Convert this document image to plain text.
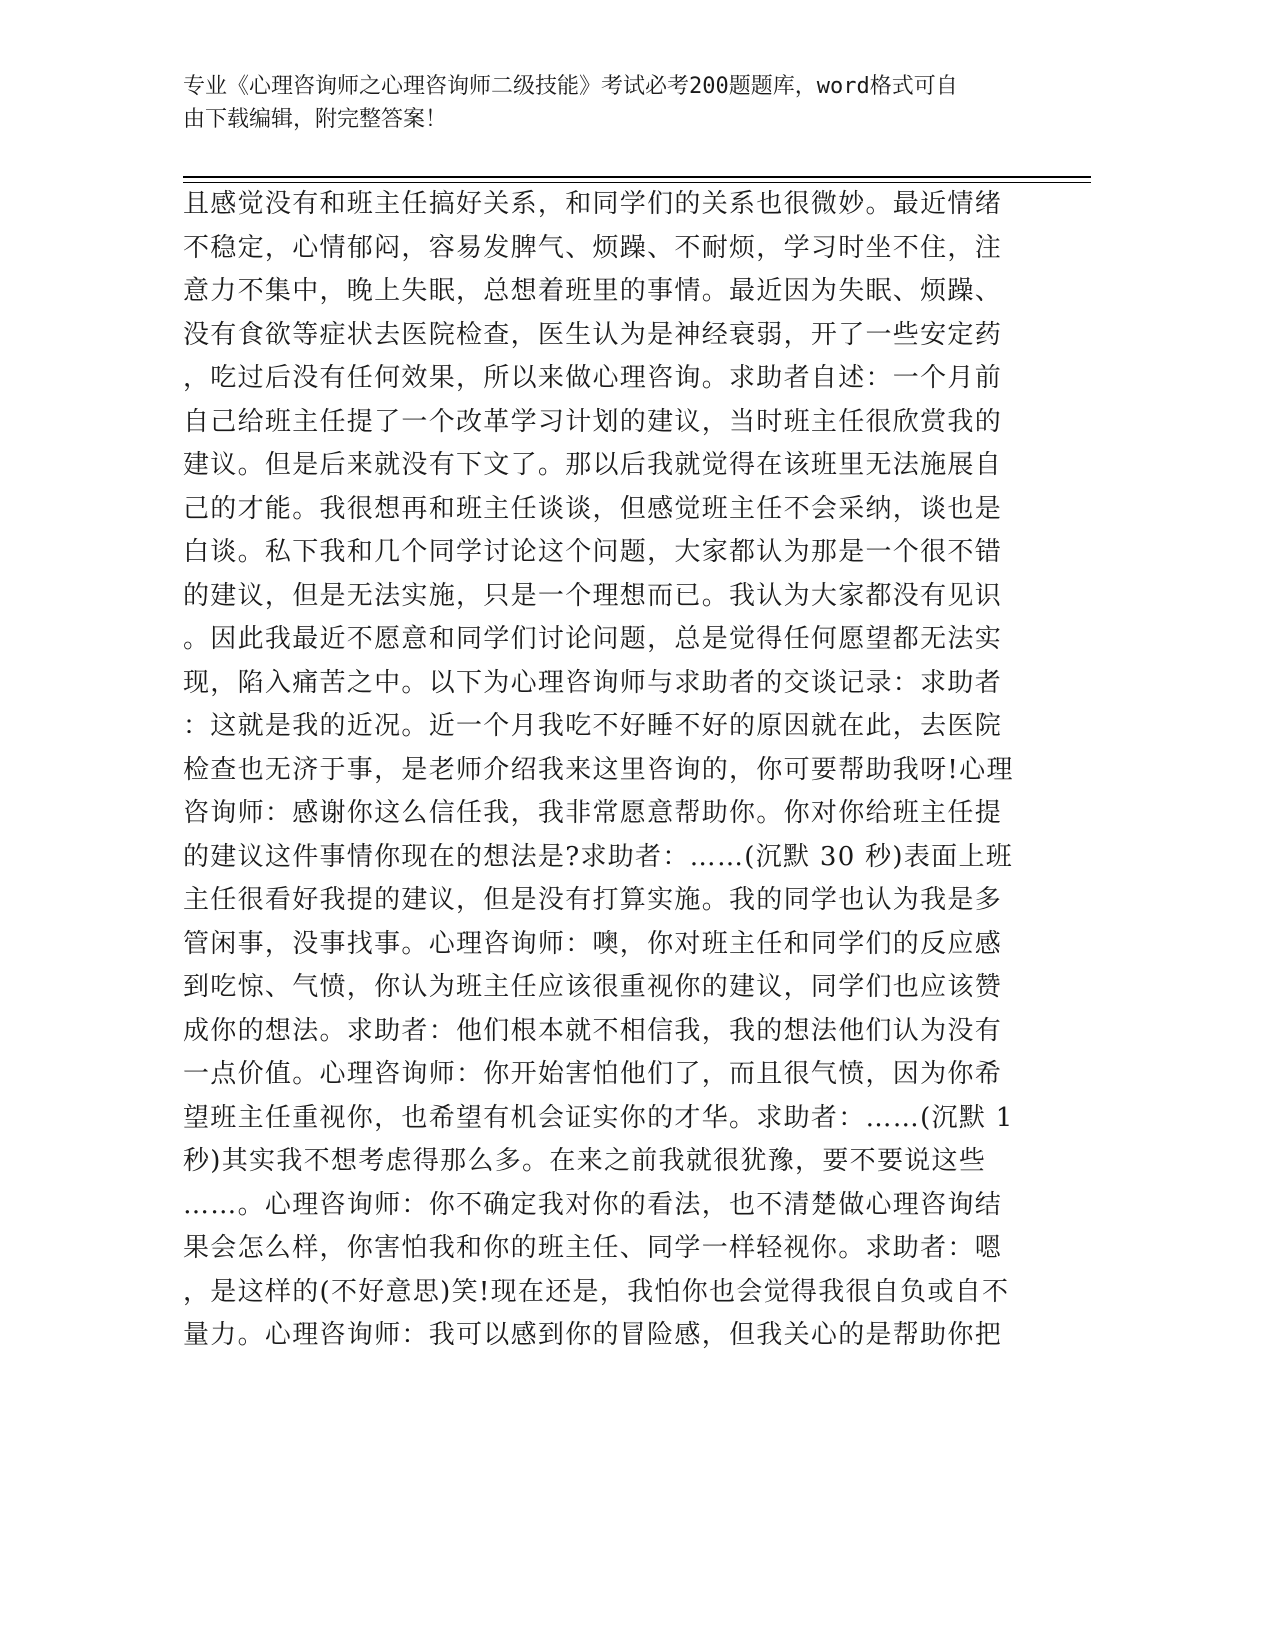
专业《心理咨询师之心理咨询师二级技能》考试必考200题题库，word格式可自
由下载编辑，附完整答案！
且感觉没有和班主任搞好关系，和同学们的关系也很微妙。最近情绪
不稳定，心情郁闷，容易发脾气、烦躁、不耐烦，学习时坐不住，注
意力不集中，晚上失眠，总想着班里的事情。最近因为失眠、烦躁、
没有食欲等症状去医院检查，医生认为是神经衰弱，开了一些安定药
，吃过后没有任何效果，所以来做心理咨询。求助者自述：一个月前
自己给班主任提了一个改革学习计划的建议，当时班主任很欣赏我的
建议。但是后来就没有下文了。那以后我就觉得在该班里无法施展自
己的才能。我很想再和班主任谈谈，但感觉班主任不会采纳，谈也是
白谈。私下我和几个同学讨论这个问题，大家都认为那是一个很不错
的建议，但是无法实施，只是一个理想而已。我认为大家都没有见识
。因此我最近不愿意和同学们讨论问题，总是觉得任何愿望都无法实
现，陷入痛苦之中。以下为心理咨询师与求助者的交谈记录：求助者
：这就是我的近况。近一个月我吃不好睡不好的原因就在此，去医院
检查也无济于事，是老师介绍我来这里咨询的，你可要帮助我呀!心理
咨询师：感谢你这么信任我，我非常愿意帮助你。你对你给班主任提
的建议这件事情你现在的想法是?求助者：……(沉默 30 秒)表面上班
主任很看好我提的建议，但是没有打算实施。我的同学也认为我是多
管闲事，没事找事。心理咨询师：噢，你对班主任和同学们的反应感
到吃惊、气愤，你认为班主任应该很重视你的建议，同学们也应该赞
成你的想法。求助者：他们根本就不相信我，我的想法他们认为没有
一点价值。心理咨询师：你开始害怕他们了，而且很气愤，因为你希
望班主任重视你，也希望有机会证实你的才华。求助者：……(沉默 1
秒)其实我不想考虑得那么多。在来之前我就很犹豫，要不要说这些
……。心理咨询师：你不确定我对你的看法，也不清楚做心理咨询结
果会怎么样，你害怕我和你的班主任、同学一样轻视你。求助者：嗯
，是这样的(不好意思)笑!现在还是，我怕你也会觉得我很自负或自不
量力。心理咨询师：我可以感到你的冒险感，但我关心的是帮助你把
